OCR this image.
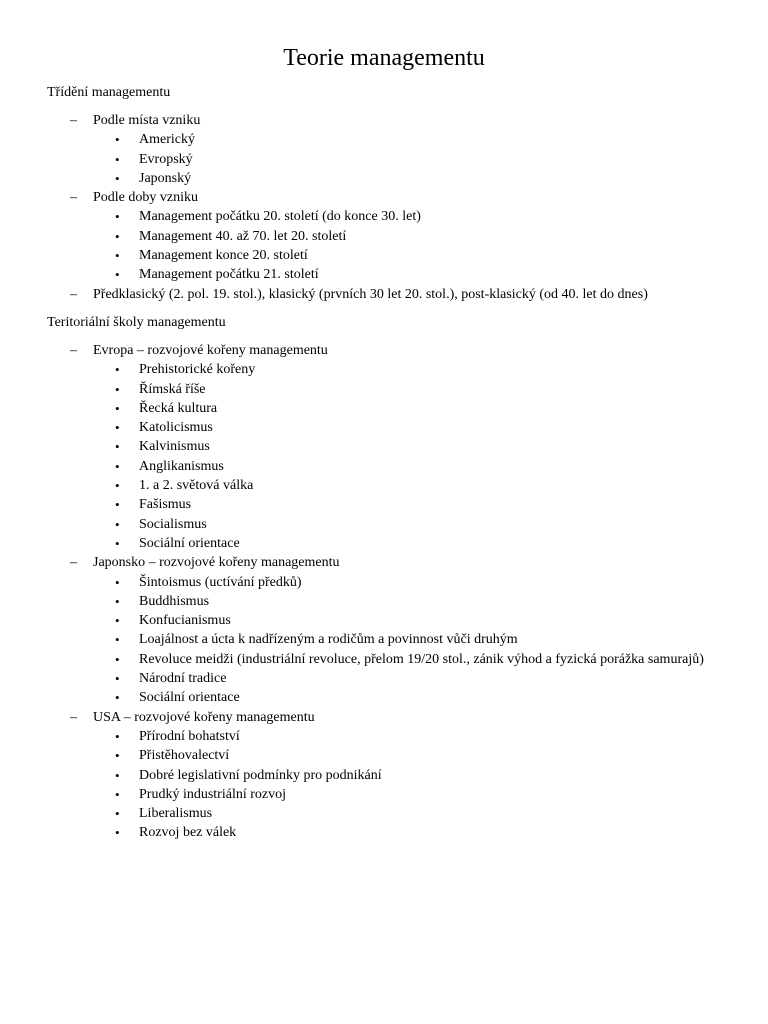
Teorie managementu
Třídění managementu
– Podle místa vzniku
• Americký
• Evropský
• Japonský
– Podle doby vzniku
• Management počátku 20. století (do konce 30. let)
• Management 40. až 70. let 20. století
• Management konce 20. století
• Management počátku 21. století
– Předklasický (2. pol. 19. stol.), klasický (prvních 30 let 20. stol.), post-klasický (od 40. let do dnes)
Teritoriální školy managementu
– Evropa – rozvojové kořeny managementu
• Prehistorické kořeny
• Římská říše
• Řecká kultura
• Katolicismus
• Kalvinismus
• Anglikanismus
• 1. a 2. světová válka
• Fašismus
• Socialismus
• Sociální orientace
– Japonsko – rozvojové kořeny managementu
• Šintoismus (uctívání předků)
• Buddhismus
• Konfucianismus
• Loajálnost a úcta k nadřízeným a rodičům a povinnost vůči druhým
• Revoluce meidži (industriální revoluce, přelom 19/20 stol., zánik výhod a fyzická porážka samurajů)
• Národní tradice
• Sociální orientace
– USA – rozvojové kořeny managementu
• Přírodní bohatství
• Přistěhovalectví
• Dobré legislativní podmínky pro podnikání
• Prudký industriální rozvoj
• Liberalismus
• Rozvoj bez válek
